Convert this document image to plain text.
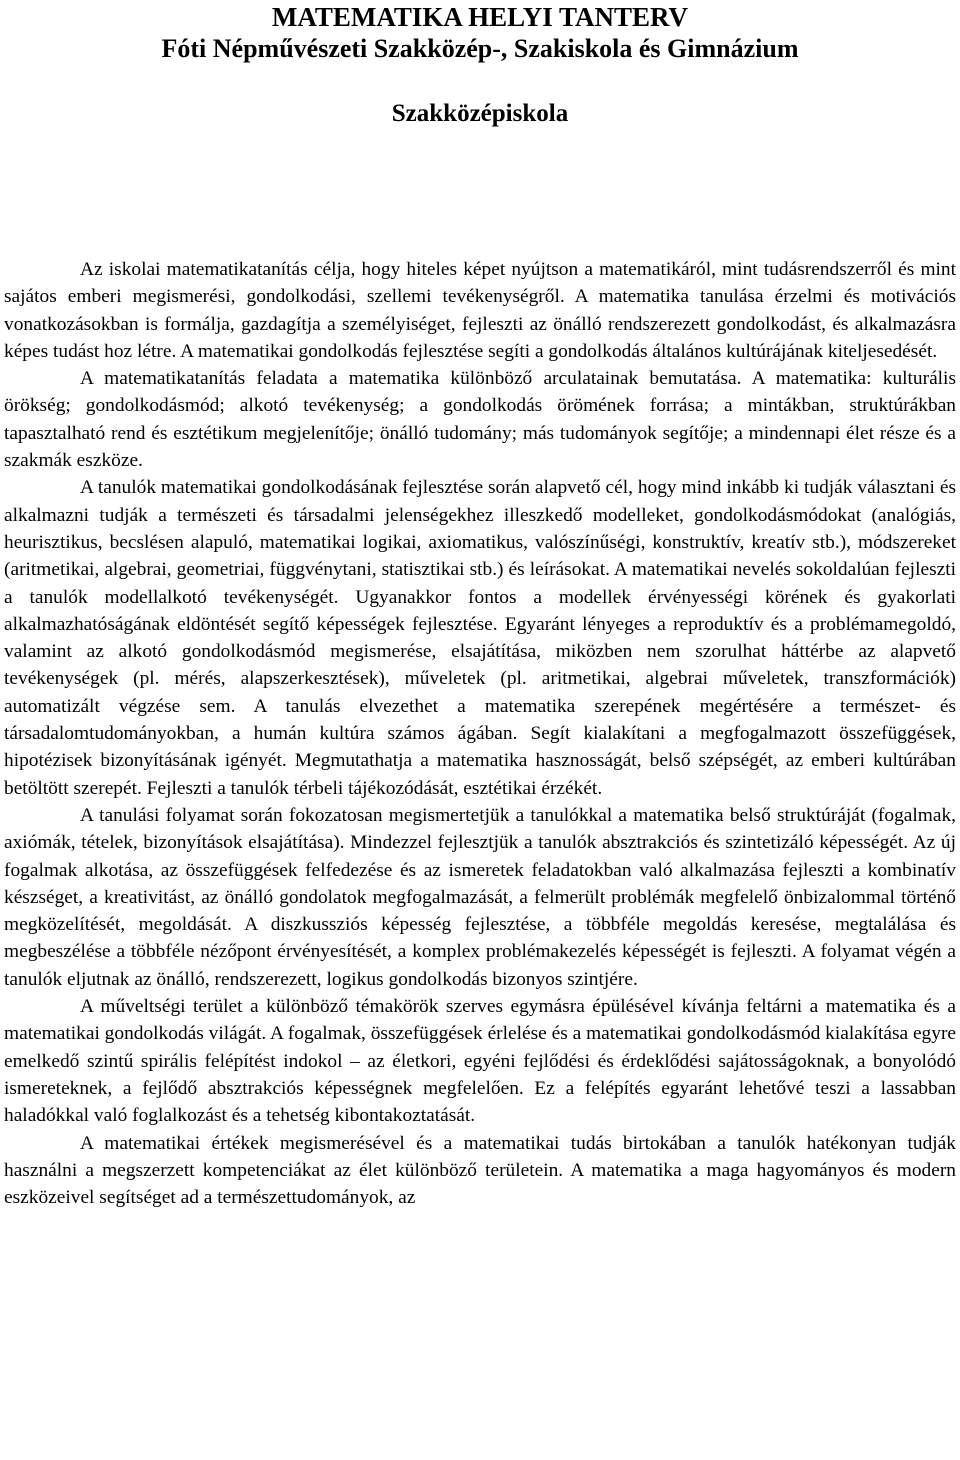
MATEMATIKA HELYI TANTERV
Fóti Népművészeti Szakközép-, Szakiskola és Gimnázium
Szakközépiskola

Az iskolai matematikatanítás célja, hogy hiteles képet nyújtson a matematikáról, mint tudásrendszerről és mint sajátos emberi megismerési, gondolkodási, szellemi tevékenységről. A matematika tanulása érzelmi és motivációs vonatkozásokban is formálja, gazdagítja a személyiséget, fejleszti az önálló rendszerezett gondolkodást, és alkalmazásra képes tudást hoz létre. A matematikai gondolkodás fejlesztése segíti a gondolkodás általános kultúrájának kiteljesedését.

A matematikatanítás feladata a matematika különböző arculatainak bemutatása. A matematika: kulturális örökség; gondolkodásmód; alkotó tevékenység; a gondolkodás örömének forrása; a mintákban, struktúrákban tapasztalható rend és esztétikum megjelenítője; önálló tudomány; más tudományok segítője; a mindennapi élet része és a szakmák eszköze.

A tanulók matematikai gondolkodásának fejlesztése során alapvető cél, hogy mind inkább ki tudják választani és alkalmazni tudják a természeti és társadalmi jelenségekhez illeszkedő modelleket, gondolkodásmódokat (analógiás, heurisztikus, becslésen alapuló, matematikai logikai, axiomatikus, valószínűségi, konstruktív, kreatív stb.), módszereket (aritmetikai, algebrai, geometriai, függvénytani, statisztikai stb.) és leírásokat. A matematikai nevelés sokoldalúan fejleszti a tanulók modellalkotó tevékenységét. Ugyanakkor fontos a modellek érvényességi körének és gyakorlati alkalmazhatóságának eldöntését segítő képességek fejlesztése. Egyaránt lényeges a reproduktív és a problémamegoldó, valamint az alkotó gondolkodásmód megismerése, elsajátítása, miközben nem szorulhat háttérbe az alapvető tevékenységek (pl. mérés, alapszerkesztések), műveletek (pl. aritmetikai, algebrai műveletek, transzformációk) automatizált végzése sem. A tanulás elvezethet a matematika szerepének megértésére a természet- és társadalomtudományokban, a humán kultúra számos ágában. Segít kialakítani a megfogalmazott összefüggések, hipotézisek bizonyításának igényét. Megmutathatja a matematika hasznosságát, belső szépségét, az emberi kultúrában betöltött szerepét. Fejleszti a tanulók térbeli tájékozódását, esztétikai érzékét.

A tanulási folyamat során fokozatosan megismertetjük a tanulókkal a matematika belső struktúráját (fogalmak, axiómák, tételek, bizonyítások elsajátítása). Mindezzel fejlesztjük a tanulók absztrakciós és szintetizáló képességét. Az új fogalmak alkotása, az összefüggések felfedezése és az ismeretek feladatokban való alkalmazása fejleszti a kombinatív készséget, a kreativitást, az önálló gondolatok megfogalmazását, a felmerült problémák megfelelő önbizalommal történő megközelítését, megoldását. A diszkussziós képesség fejlesztése, a többféle megoldás keresése, megtalálása és megbeszélése a többféle nézőpont érvényesítését, a komplex problémakezelés képességét is fejleszti. A folyamat végén a tanulók eljutnak az önálló, rendszerezett, logikus gondolkodás bizonyos szintjére.

A műveltségi terület a különböző témakörök szerves egymásra épülésével kívánja feltárni a matematika és a matematikai gondolkodás világát. A fogalmak, összefüggések érlelése és a matematikai gondolkodásmód kialakítása egyre emelkedő szintű spirális felépítést indokol – az életkori, egyéni fejlődési és érdeklődési sajátosságoknak, a bonyolódó ismereteknek, a fejlődő absztrakciós képességnek megfelelően. Ez a felépítés egyaránt lehetővé teszi a lassabban haladókkal való foglalkozást és a tehetség kibontakoztatását.

A matematikai értékek megismerésével és a matematikai tudás birtokában a tanulók hatékonyan tudják használni a megszerzett kompetenciákat az élet különböző területein. A matematika a maga hagyományos és modern eszközeivel segítséget ad a természettudományok, az
